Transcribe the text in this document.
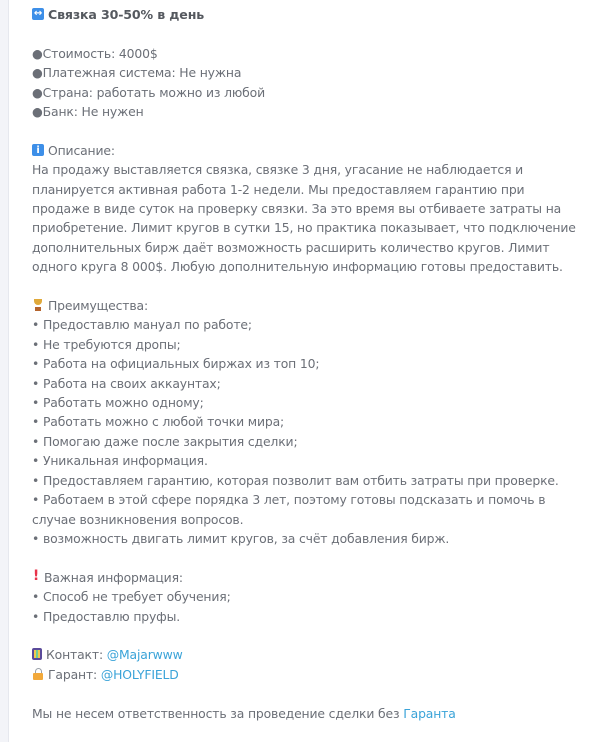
↔Связка 30-50% в день
●Стоимость: 4000$
●Платежная система: Не нужна
●Страна: работать можно из любой
●Банк: Не нужен
iОписание:
На продажу выставляется связка, связке 3 дня, угасание не наблюдается и планируется активная работа 1-2 недели. Мы предоставляем гарантию при продаже в виде суток на проверку связки. За это время вы отбиваете затраты на приобретение. Лимит кругов в сутки 15, но практика показывает, что подключение дополнительных бирж даёт возможность расширить количество кругов. Лимит одного круга 8 000$. Любую дополнительную информацию готовы предоставить.
Преимущества:
• Предоставлю мануал по работе;
• Не требуются дропы;
• Работа на официальных биржах из топ 10;
• Работа на своих аккаунтах;
• Работать можно одному;
• Работать можно с любой точки мира;
• Помогаю даже после закрытия сделки;
• Уникальная информация.
• Предоставляем гарантию, которая позволит вам отбить затраты при проверке.
• Работаем в этой сфере порядка 3 лет, поэтому готовы подсказать и помочь в случае возникновения вопросов.
• возможность двигать лимит кругов, за счёт добавления бирж.
!Важная информация:
• Способ не требует обучения;
• Предоставлю пруфы.
Контакт: @Majarwww
Гарант: @HOLYFIELD
Мы не несем ответственность за проведение сделки без Гаранта
